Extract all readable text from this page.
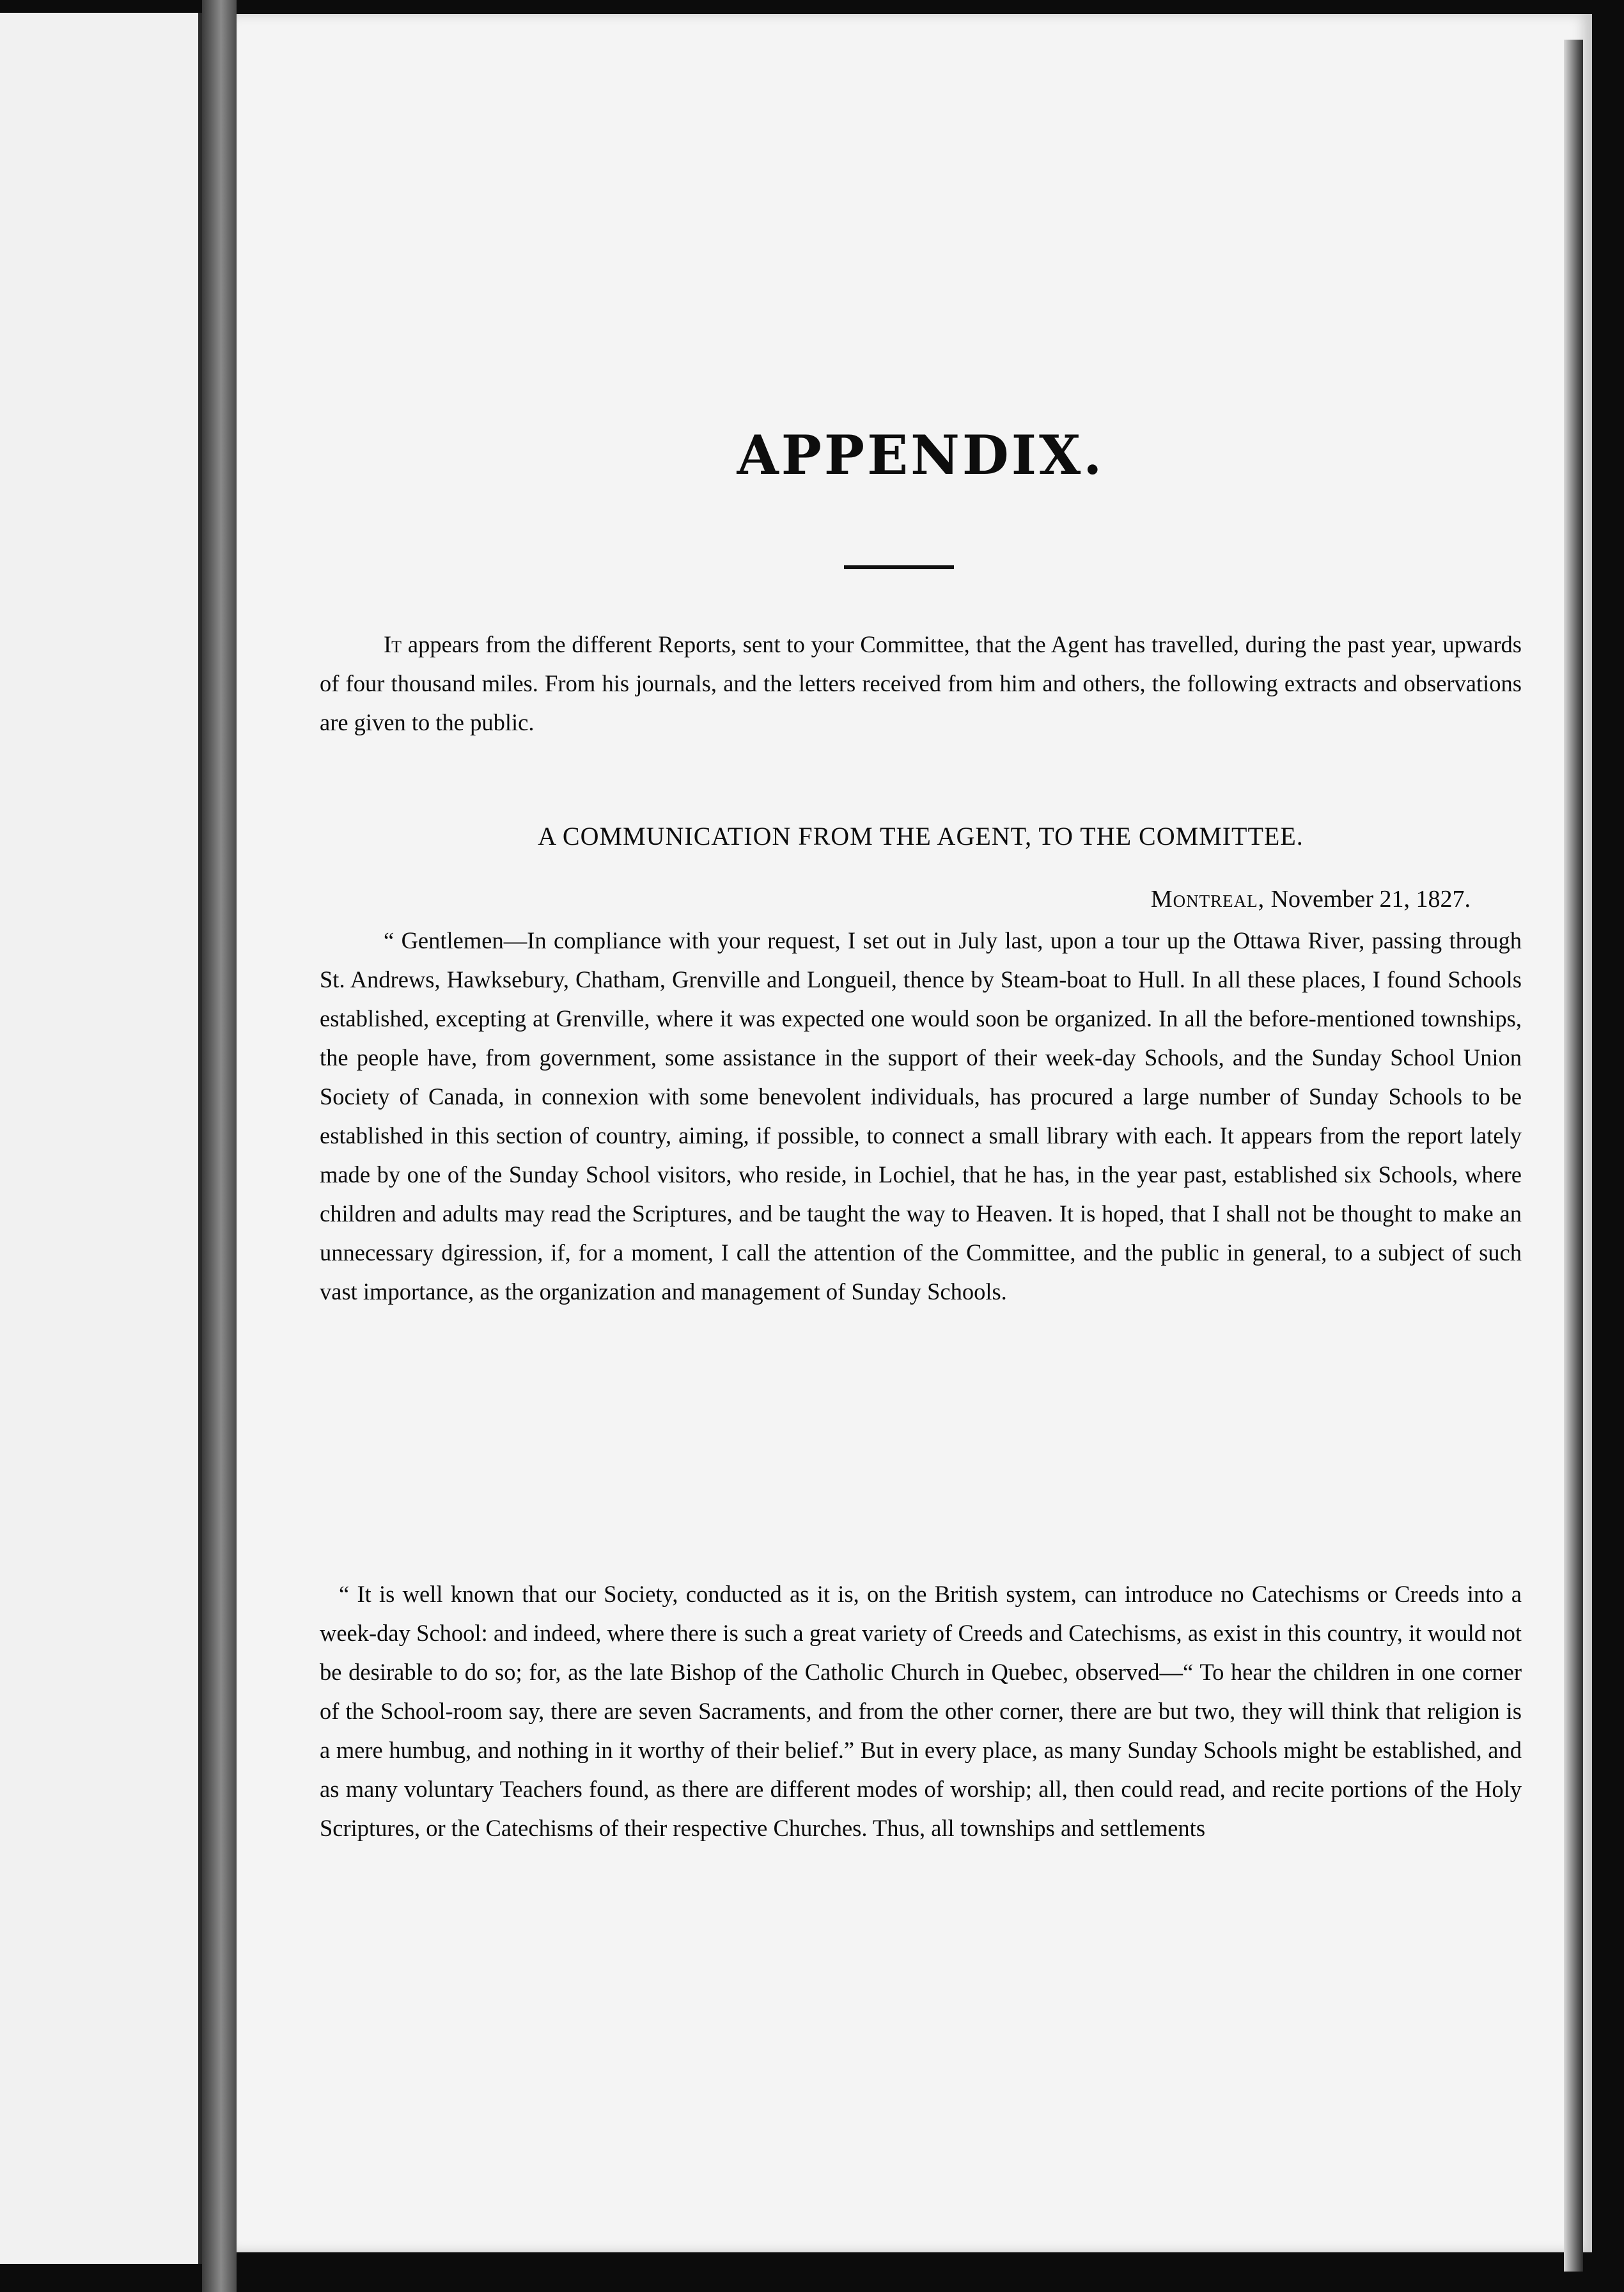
APPENDIX.

It appears from the different Reports, sent to your Committee, that the Agent has travelled, during the past year, upwards of four thousand miles. From his journals, and the letters received from him and others, the following extracts and observations are given to the public.

A COMMUNICATION FROM THE AGENT, TO THE COMMITTEE.

Montreal, November 21, 1827.

“ Gentlemen—In compliance with your request, I set out in July last, upon a tour up the Ottawa River, passing through St. Andrews, Hawksebury, Chatham, Grenville and Longueil, thence by Steam-boat to Hull. In all these places, I found Schools established, excepting at Grenville, where it was expected one would soon be organized. In all the before-mentioned townships, the people have, from government, some assistance in the support of their week-day Schools, and the Sunday School Union Society of Canada, in connexion with some benevolent individuals, has procured a large number of Sunday Schools to be established in this section of country, aiming, if possible, to connect a small library with each. It appears from the report lately made by one of the Sunday School visitors, who reside, in Lochiel, that he has, in the year past, established six Schools, where children and adults may read the Scriptures, and be taught the way to Heaven. It is hoped, that I shall not be thought to make an unnecessary dgiression, if, for a moment, I call the attention of the Committee, and the public in general, to a subject of such vast importance, as the organization and management of Sunday Schools.

“ It is well known that our Society, conducted as it is, on the British system, can introduce no Catechisms or Creeds into a week-day School: and indeed, where there is such a great variety of Creeds and Catechisms, as exist in this country, it would not be desirable to do so; for, as the late Bishop of the Catholic Church in Quebec, observed—“ To hear the children in one corner of the School-room say, there are seven Sacraments, and from the other corner, there are but two, they will think that religion is a mere humbug, and nothing in it worthy of their belief.” But in every place, as many Sunday Schools might be established, and as many voluntary Teachers found, as there are different modes of worship; all, then could read, and recite portions of the Holy Scriptures, or the Catechisms of their respective Churches. Thus, all townships and settlements
